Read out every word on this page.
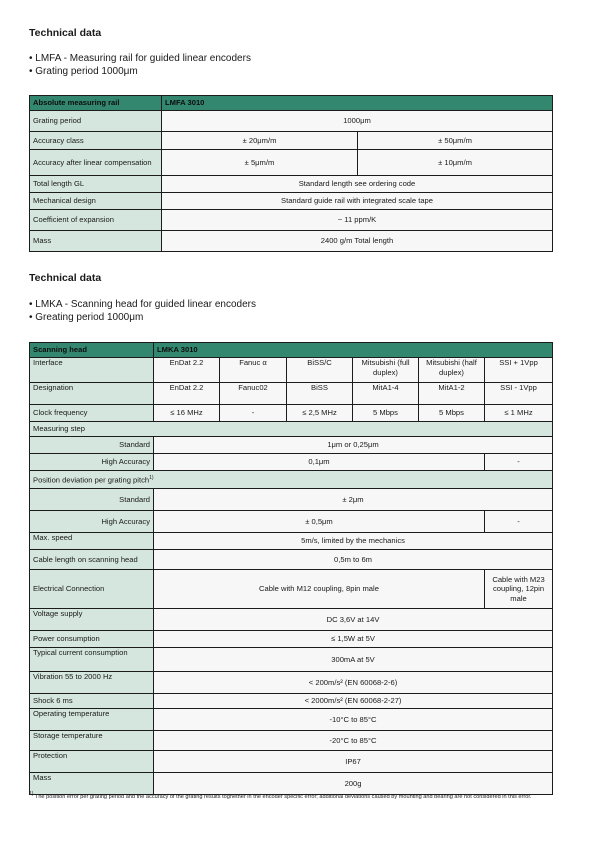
Technical data
• LMFA - Measuring rail for guided linear encoders
• Grating period 1000μm
Absolute measuring rail	LMFA 3010	
Grating period	1000μm	
Accuracy class	± 20μm/m	± 50μm/m
Accuracy after linear compensation	± 5μm/m	± 10μm/m
Total length GL	Standard length see ordering code	
Mechanical design	Standard guide rail with integrated scale tape	
Coefficient of expansion	~ 11 ppm/K	
Mass	2400 g/m Total length	
Technical data
• LMKA - Scanning head for guided linear encoders
• Greating period 1000μm
Scanning head	LMKA 3010					
Interface	EnDat 2.2	Fanuc α	BiSS/C	Mitsubishi (full duplex)	Mitsubishi (half duplex)	SSI + 1Vpp
Designation	EnDat 2.2	Fanuc02	BiSS	MitA1-4	MitA1-2	SSI - 1Vpp
Clock frequency	≤ 16 MHz	-	≤ 2,5 MHz	5 Mbps	5 Mbps	≤ 1 MHz
Measuring step						
Standard	1μm or 0,25μm					
High Accuracy	0,1μm					-
Position deviation per grating pitch$^{1)}$
Standard	± 2μm					
High Accuracy	± 0,5μm					-
Max. speed	5m/s, limited by the mechanics					
Cable length on scanning head	0,5m to 6m					
Electrical Connection	Cable with M12 coupling, 8pin male					Cable with M23 coupling, 12pin male
Voltage supply	DC 3,6V at 14V					
Power consumption	≤ 1,5W at 5V					
Typical current consumption	300mA at 5V					
Vibration 55 to 2000 Hz	< 200m/s² (EN 60068-2-6)					
Shock 6 ms	< 2000m/s² (EN 60068-2-27)					
Operating temperature	-10°C to 85°C					
Storage temperature	-20°C to 85°C					
Protection	IP67					
Mass	200g					
$^{1)}$ The position error per grating period and the accuracy of the grating results toghether in the encoder specific error; additional deviations caused by mounting and bearing are not considered in this error.
